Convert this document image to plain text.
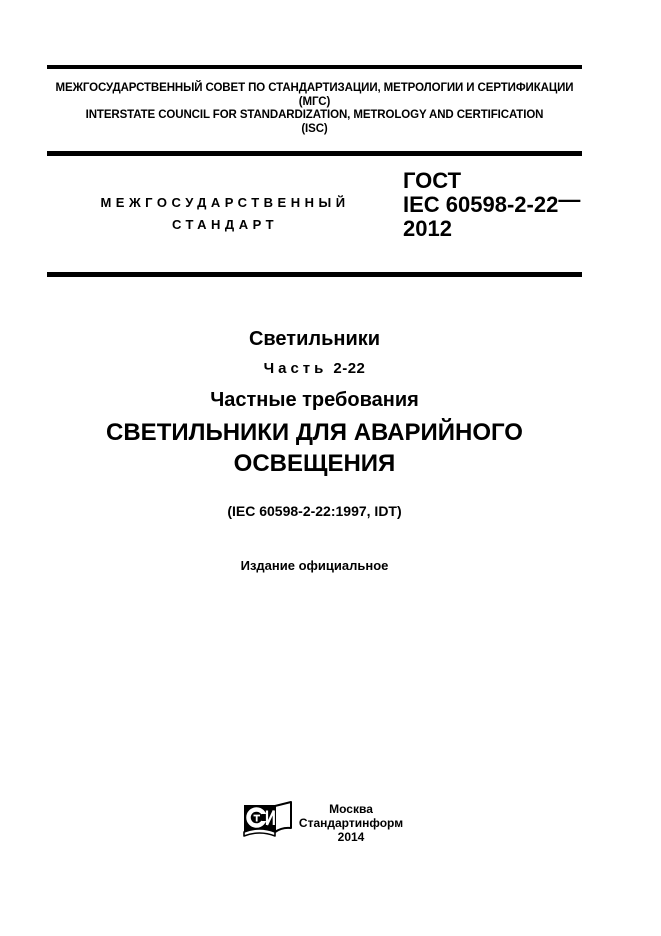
МЕЖГОСУДАРСТВЕННЫЙ СОВЕТ ПО СТАНДАРТИЗАЦИИ, МЕТРОЛОГИИ И СЕРТИФИКАЦИИ
(МГС)
INTERSTATE COUNCIL FOR STANDARDIZATION, METROLOGY AND CERTIFICATION
(ISC)
МЕЖГОСУДАРСТВЕННЫЙ
СТАНДАРТ
ГОСТ
IEC 60598-2-22—
2012
Светильники
Часть 2-22
Частные требования
СВЕТИЛЬНИКИ ДЛЯ АВАРИЙНОГО
ОСВЕЩЕНИЯ
(IEC 60598-2-22:1997, IDT)
Издание официальное
Москва
Стандартинформ
2014
